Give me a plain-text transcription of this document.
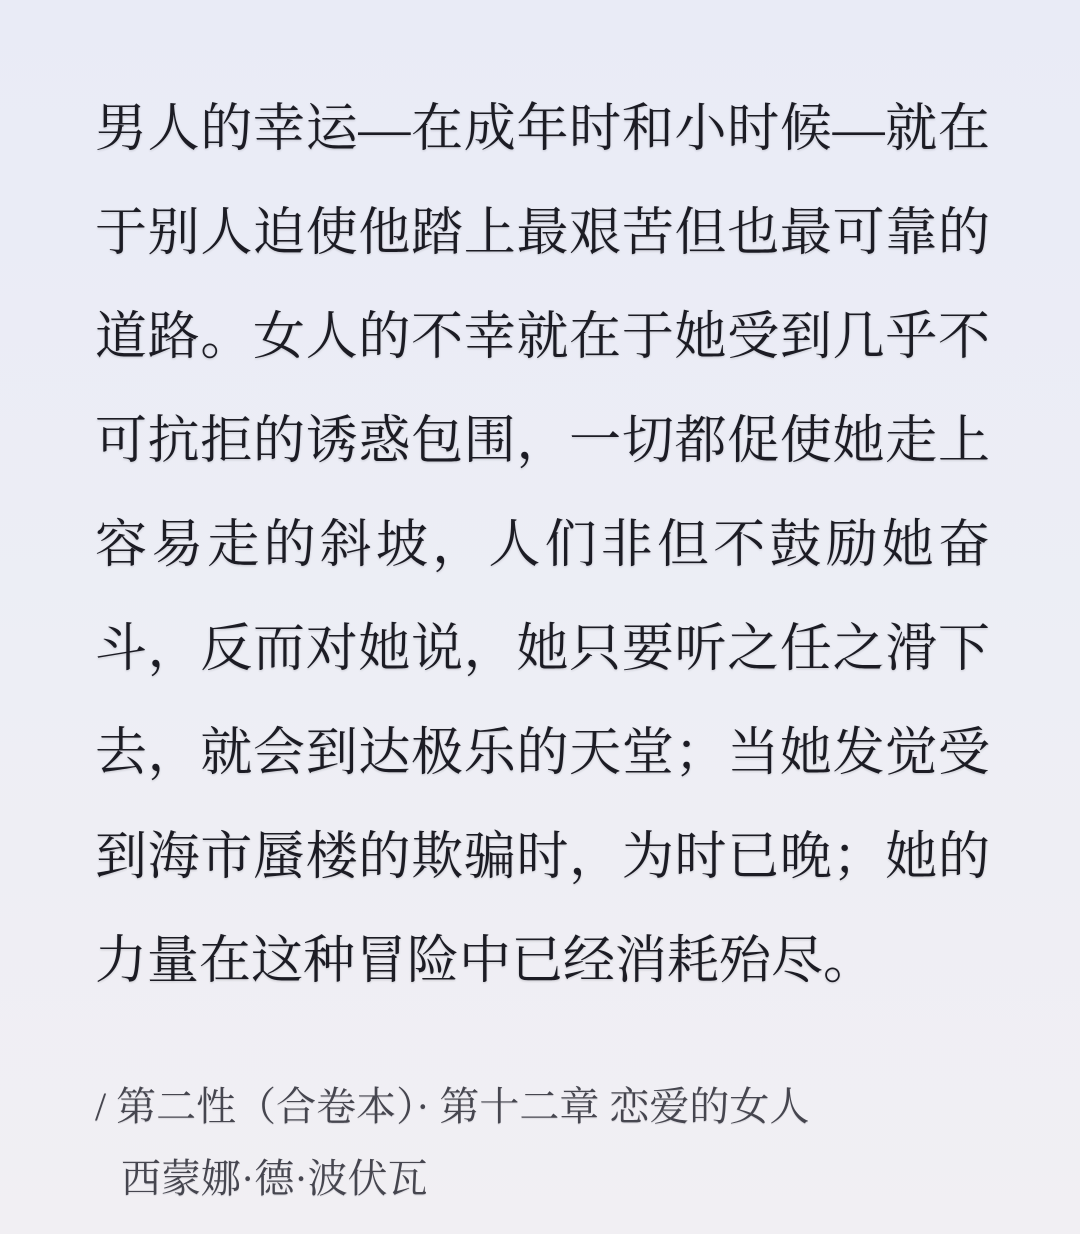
男人的幸运—在成年时和小时候—就在
于别人迫使他踏上最艰苦但也最可靠的
道路。女人的不幸就在于她受到几乎不
可抗拒的诱惑包围，一切都促使她走上
容易走的斜坡，人们非但不鼓励她奋
斗，反而对她说，她只要听之任之滑下
去，就会到达极乐的天堂；当她发觉受
到海市蜃楼的欺骗时，为时已晚；她的
力量在这种冒险中已经消耗殆尽。
/ 第二性（合卷本）· 第十二章 恋爱的女人
西蒙娜·德·波伏瓦
